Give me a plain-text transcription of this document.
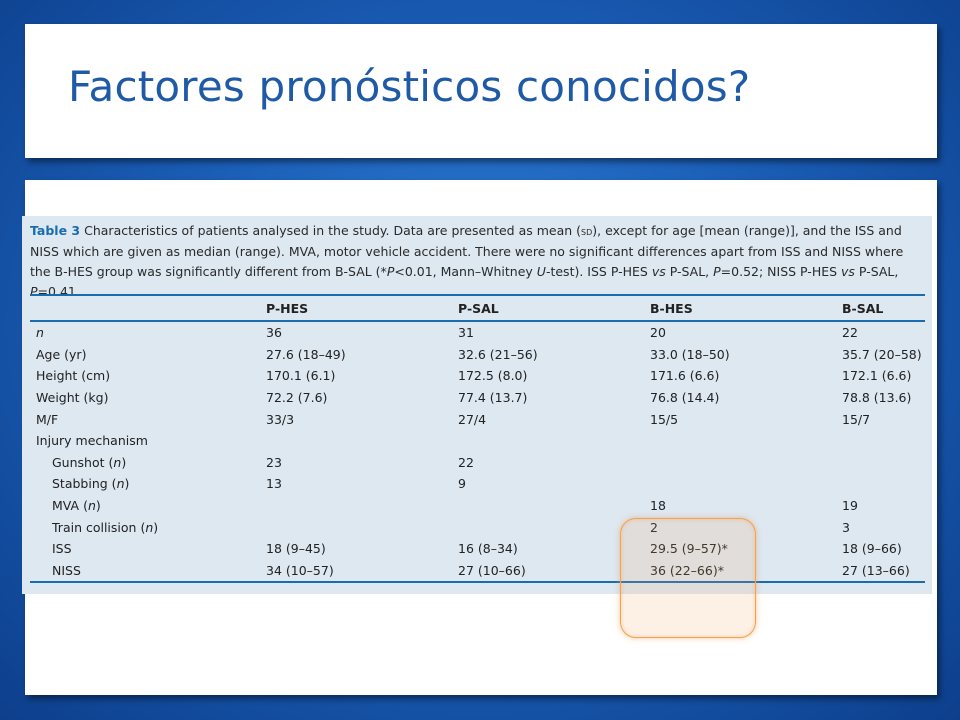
Factores pronósticos conocidos?
Table 3 Characteristics of patients analysed in the study. Data are presented as mean (sd), except for age [mean (range)], and the ISS and NISS which are given as median (range). MVA, motor vehicle accident. There were no significant differences apart from ISS and NISS where the B-HES group was significantly different from B-SAL (*P<0.01, Mann–Whitney U-test). ISS P-HES vs P-SAL, P=0.52; NISS P-HES vs P-SAL, P=0.41
	P-HES	P-SAL	B-HES	B-SAL
n	36	31	20	22
Age (yr)	27.6 (18–49)	32.6 (21–56)	33.0 (18–50)	35.7 (20–58)
Height (cm)	170.1 (6.1)	172.5 (8.0)	171.6 (6.6)	172.1 (6.6)
Weight (kg)	72.2 (7.6)	77.4 (13.7)	76.8 (14.4)	78.8 (13.6)
M/F	33/3	27/4	15/5	15/7
Injury mechanism				
Gunshot (n)	23	22		
Stabbing (n)	13	9		
MVA (n)			18	19
Train collision (n)			2	3
ISS	18 (9–45)	16 (8–34)	29.5 (9–57)*	18 (9–66)
NISS	34 (10–57)	27 (10–66)	36 (22–66)*	27 (13–66)
